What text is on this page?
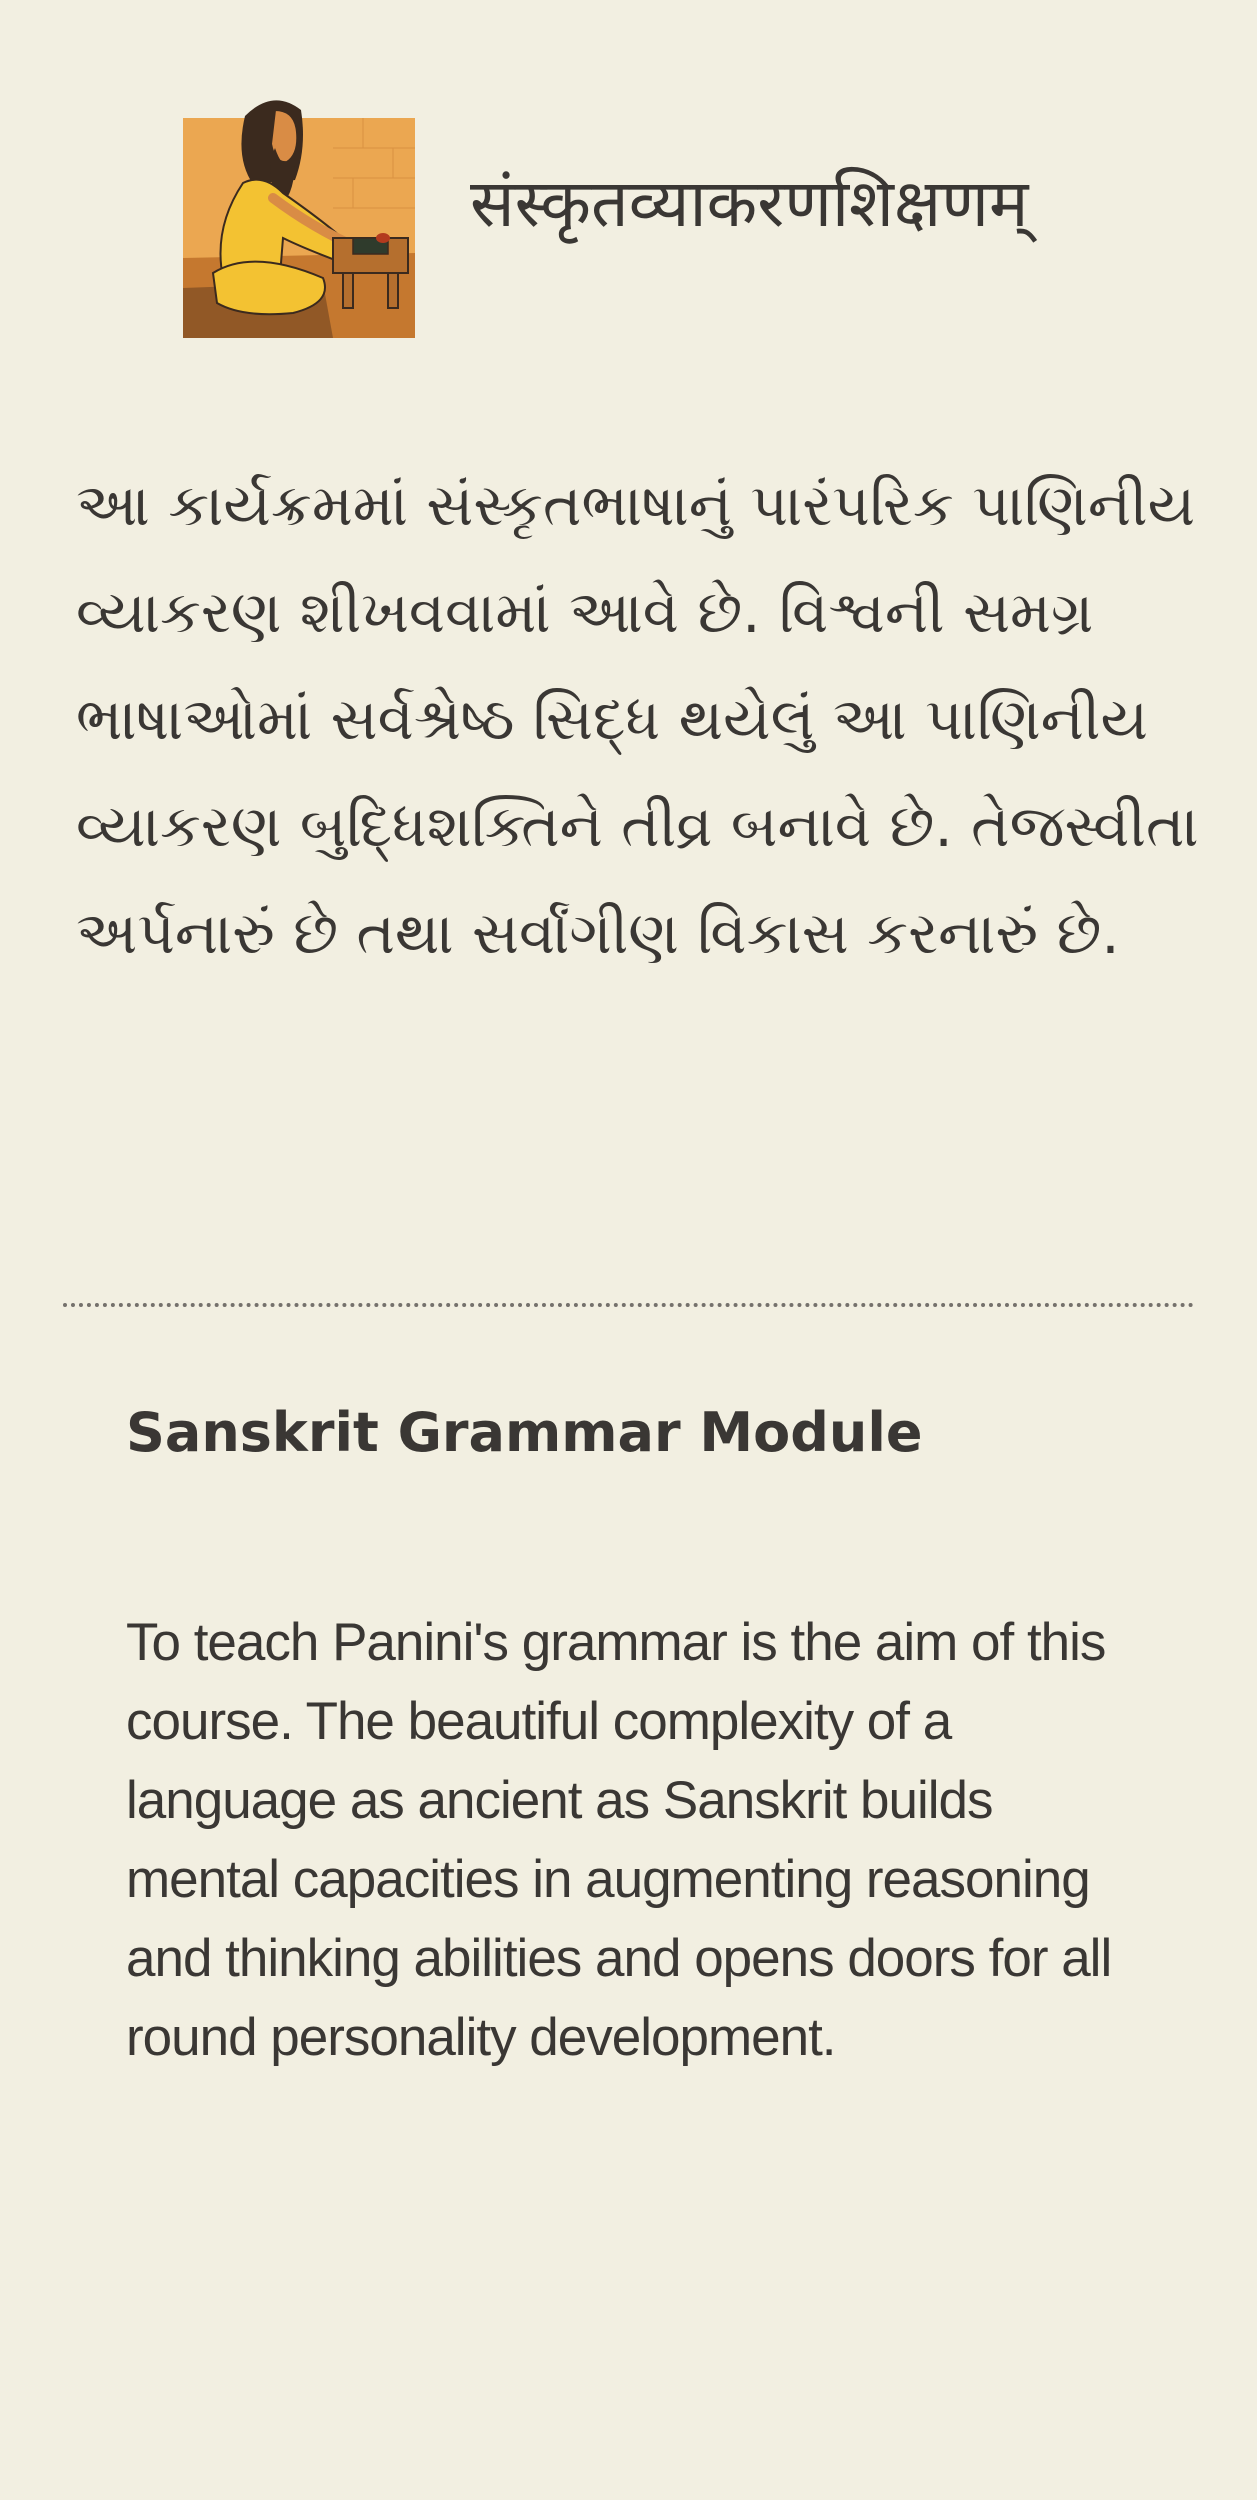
संस्कृतव्याकरणशिक्षणम्
આ કાર્યક્રમમાં સંસ્કૃતભાષાનું પારંપરિક પાણિનીય વ્યાકરણ શીખવવામાં આવે છે. વિશ્વની સમગ્ર ભાષાઓમાં સર્વશ્રેષ્ઠ સિદ્ધ થયેલું આ પાણિનીય વ્યાકરણ બુદ્ધિશક્તિને તીવ્ર બનાવે છે. તેજસ્વીતા અર્પનારું છે તથા સર્વાંગીણ વિકાસ કરનારું છે.
Sanskrit Grammar Module
To teach Panini's grammar is the aim of this course. The beautiful complexity of a language as ancient as Sanskrit builds mental capacities in augmenting reasoning and thinking abilities and opens doors for all round personality development.
